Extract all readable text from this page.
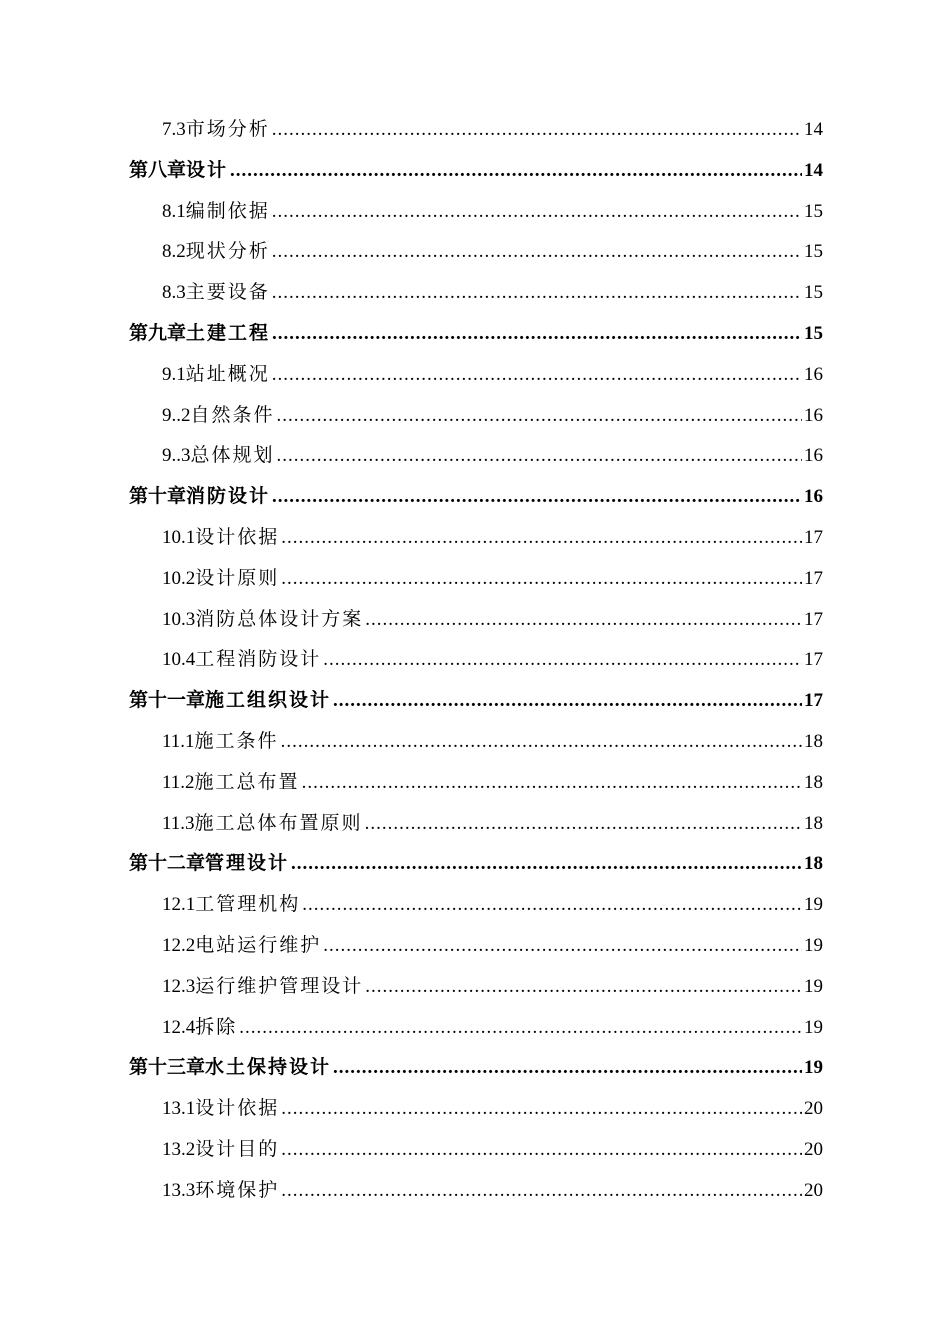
7.3 市场分析 .....	14
第八章 设计 .....	14
8.1 编制依据 .....	15
8.2 现状分析 .....	15
8.3 主要设备 .....	15
第九章 土建工程 .....	15
9.1 站址概况 .....	16
9..2 自然条件 .....	16
9..3 总体规划 .....	16
第十章 消防设计 .....	16
10.1 设计依据 .....	17
10.2 设计原则 .....	17
10.3 消防总体设计方案 .....	17
10.4 工程消防设计 .....	17
第十一章 施工组织设计 .....	17
11.1 施工条件 .....	18
11.2 施工总布置 .....	18
11.3 施工总体布置原则 .....	18
第十二章 管理设计 .....	18
12.1 工管理机构 .....	19
12.2 电站运行维护 .....	19
12.3 运行维护管理设计 .....	19
12.4 拆除 .....	19
第十三章 水土保持设计 .....	19
13.1 设计依据 .....	20
13.2 设计目的 .....	20
13.3 环境保护 .....	20
